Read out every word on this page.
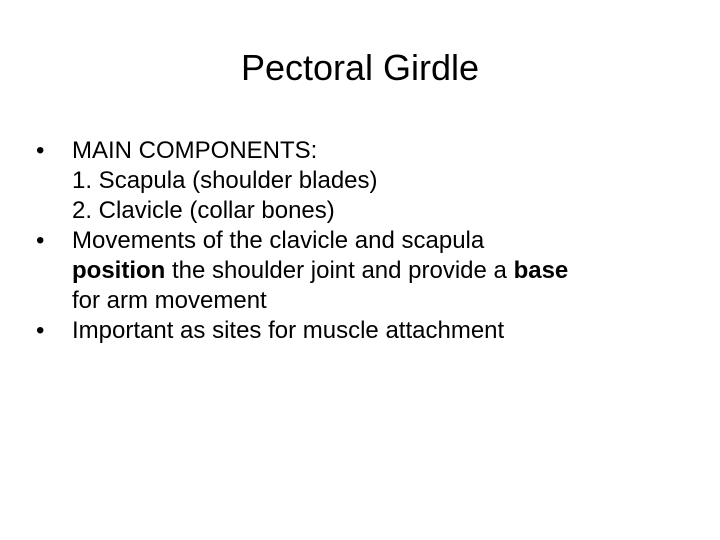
Pectoral Girdle
•	MAIN COMPONENTS:
1. Scapula (shoulder blades)
2. Clavicle (collar bones)
•	Movements of the clavicle and scapula
position the shoulder joint and provide a base
for arm movement
•	Important as sites for muscle attachment
